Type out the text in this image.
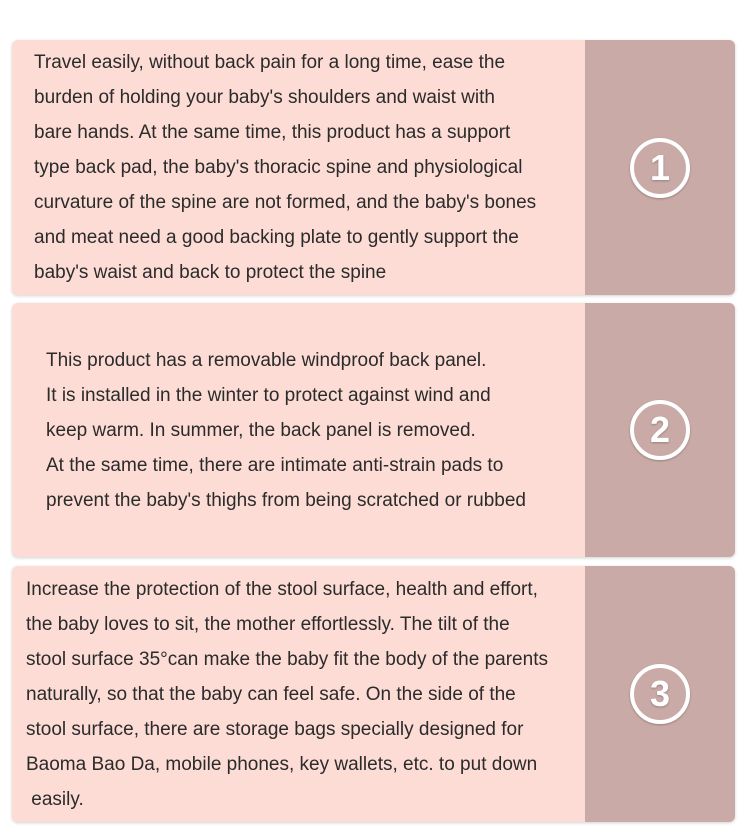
Travel easily, without back pain for a long time, ease the

burden of holding your baby's shoulders and waist with

bare hands. At the same time, this product has a support

type back pad, the baby's thoracic spine and physiological

curvature of the spine are not formed, and the baby's bones

and meat need a good backing plate to gently support the

baby's waist and back to protect the spine

1

This product has a removable windproof back panel.

It is installed in the winter to protect against wind and

keep warm. In summer, the back panel is removed.

At the same time, there are intimate anti-strain pads to

prevent the baby's thighs from being scratched or rubbed

2

Increase the protection of the stool surface, health and effort,

the baby loves to sit, the mother effortlessly. The tilt of the

stool surface 35°can make the baby fit the body of the parents

naturally, so that the baby can feel safe. On the side of the

stool surface, there are storage bags specially designed for

Baoma Bao Da, mobile phones, key wallets, etc. to put down

easily.

3
